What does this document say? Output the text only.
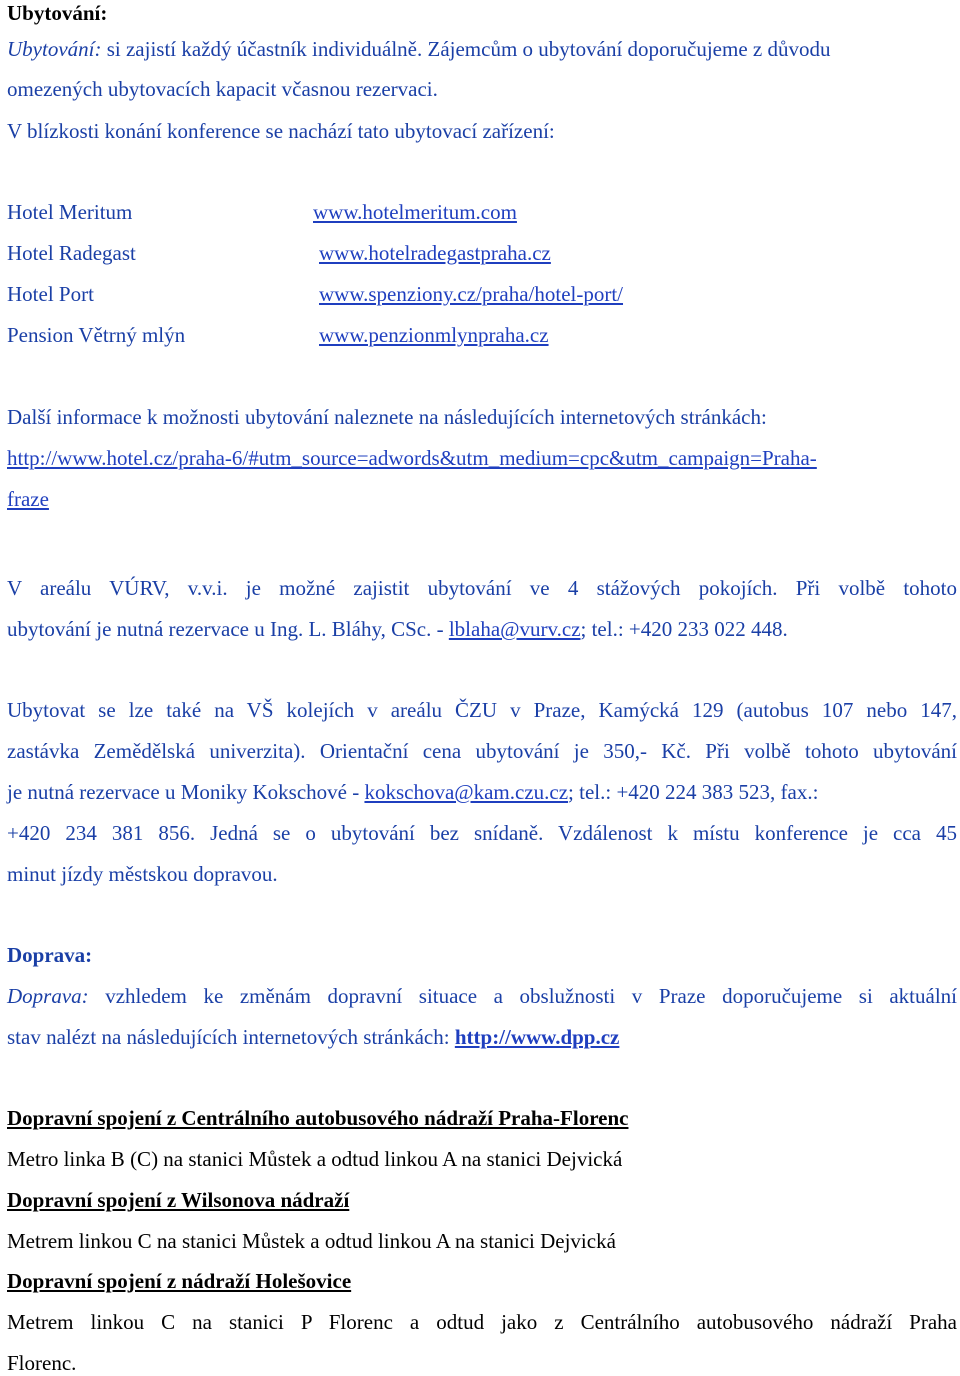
Ubytování:
Ubytování: si zajistí každý účastník individuálně. Zájemcům o ubytování doporučujeme z důvodu
omezených ubytovacích kapacit včasnou rezervaci.
V blízkosti konání konference se nachází tato ubytovací zařízení:
Hotel Meritum	www.hotelmeritum.com
Hotel Radegast	www.hotelradegastpraha.cz
Hotel Port	www.spenziony.cz/praha/hotel-port/
Pension Větrný mlýn	www.penzionmlynpraha.cz
Další informace k možnosti ubytování naleznete na následujících internetových stránkách:
http://www.hotel.cz/praha-6/#utm_source=adwords&utm_medium=cpc&utm_campaign=Praha-
fraze
V areálu VÚRV, v.v.i. je možné zajistit ubytování ve 4 stážových pokojích. Při volbě tohoto
ubytování je nutná rezervace u Ing. L. Bláhy, CSc. - lblaha@vurv.cz; tel.: +420 233 022 448.
Ubytovat se lze také na VŠ kolejích v areálu ČZU v Praze, Kamýcká 129 (autobus 107 nebo 147,
zastávka Zemědělská univerzita). Orientační cena ubytování je 350,- Kč. Při volbě tohoto ubytování
je nutná rezervace u Moniky Kokschové - kokschova@kam.czu.cz; tel.: +420 224 383 523, fax.:
+420 234 381 856. Jedná se o ubytování bez snídaně. Vzdálenost k místu konference je cca 45
minut jízdy městskou dopravou.
Doprava:
Doprava: vzhledem ke změnám dopravní situace a obslužnosti v Praze doporučujeme si aktuální
stav nalézt na následujících internetových stránkách: http://www.dpp.cz
Dopravní spojení z Centrálního autobusového nádraží Praha-Florenc
Metro linka B (C) na stanici Můstek a odtud linkou A na stanici Dejvická
Dopravní spojení z Wilsonova nádraží
Metrem linkou C na stanici Můstek a odtud linkou A na stanici Dejvická
Dopravní spojení z nádraží Holešovice
Metrem linkou C na stanici P Florenc a odtud jako z Centrálního autobusového nádraží Praha
Florenc.
